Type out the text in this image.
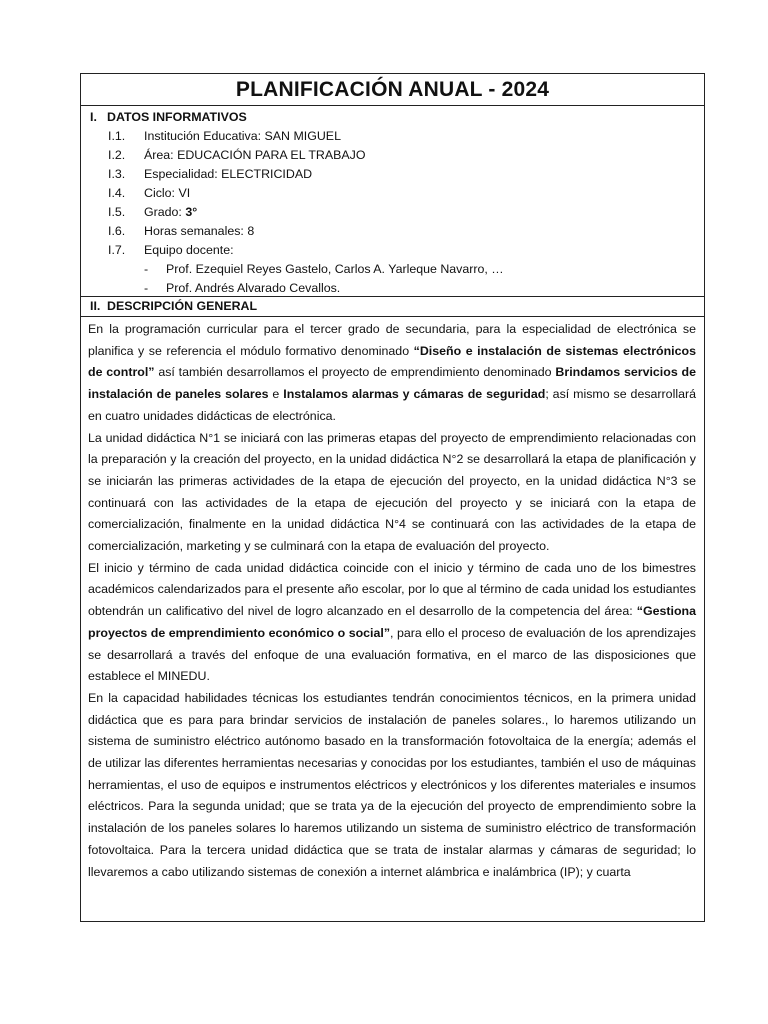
PLANIFICACIÓN ANUAL - 2024
I. DATOS INFORMATIVOS
I.1.	Institución Educativa: SAN MIGUEL
I.2.	Área: EDUCACIÓN PARA EL TRABAJO
I.3.	Especialidad: ELECTRICIDAD
I.4.	Ciclo: VI
I.5.	Grado: 3°
I.6.	Horas semanales: 8
I.7.	Equipo docente:
-	Prof. Ezequiel Reyes Gastelo, Carlos A. Yarleque Navarro, …
-	Prof. Andrés Alvarado Cevallos.
II. DESCRIPCIÓN GENERAL

En la programación curricular para el tercer grado de secundaria, para la especialidad de electrónica se planifica y se referencia el módulo formativo denominado “Diseño e instalación de sistemas electrónicos de control” así también desarrollamos el proyecto de emprendimiento denominado Brindamos servicios de instalación de paneles solares e Instalamos alarmas y cámaras de seguridad; así mismo se desarrollará en cuatro unidades didácticas de electrónica.

La unidad didáctica N°1 se iniciará con las primeras etapas del proyecto de emprendimiento relacionadas con la preparación y la creación del proyecto, en la unidad didáctica N°2 se desarrollará la etapa de planificación y se iniciarán las primeras actividades de la etapa de ejecución del proyecto, en la unidad didáctica N°3 se continuará con las actividades de la etapa de ejecución del proyecto y se iniciará con la etapa de comercialización, finalmente en la unidad didáctica N°4 se continuará con las actividades de la etapa de comercialización, marketing y se culminará con la etapa de evaluación del proyecto.

El inicio y término de cada unidad didáctica coincide con el inicio y término de cada uno de los bimestres académicos calendarizados para el presente año escolar, por lo que al término de cada unidad los estudiantes obtendrán un calificativo del nivel de logro alcanzado en el desarrollo de la competencia del área: “Gestiona proyectos de emprendimiento económico o social”, para ello el proceso de evaluación de los aprendizajes se desarrollará a través del enfoque de una evaluación formativa, en el marco de las disposiciones que establece el MINEDU.

En la capacidad habilidades técnicas los estudiantes tendrán conocimientos técnicos, en la primera unidad didáctica que es para para brindar servicios de instalación de paneles solares., lo haremos utilizando un sistema de suministro eléctrico autónomo basado en la transformación fotovoltaica de la energía; además el de utilizar las diferentes herramientas necesarias y conocidas por los estudiantes, también el uso de máquinas herramientas, el uso de equipos e instrumentos eléctricos y electrónicos y los diferentes materiales e insumos eléctricos. Para la segunda unidad; que se trata ya de la ejecución del proyecto de emprendimiento sobre la instalación de los paneles solares lo haremos utilizando un sistema de suministro eléctrico de transformación fotovoltaica. Para la tercera unidad didáctica que se trata de instalar alarmas y cámaras de seguridad; lo llevaremos a cabo utilizando sistemas de conexión a internet alámbrica e inalámbrica (IP); y cuarta
